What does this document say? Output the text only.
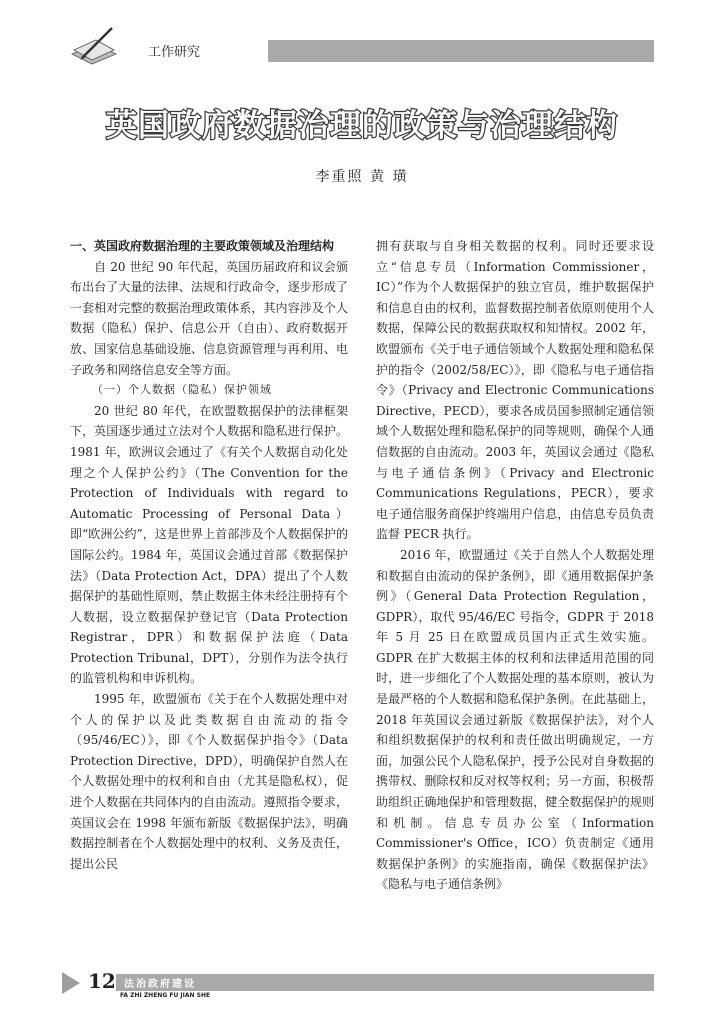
工作研究
英国政府数据治理的政策与治理结构
李重照 黄 璜

一、英国政府数据治理的主要政策领域及治理结构

自 20 世纪 90 年代起，英国历届政府和议会颁布出台了大量的法律、法规和行政命令，逐步形成了一套相对完整的数据治理政策体系，其内容涉及个人数据（隐私）保护、信息公开（自由）、政府数据开放、国家信息基础设施、信息资源管理与再利用、电子政务和网络信息安全等方面。

（一）个人数据（隐私）保护领域

20 世纪 80 年代，在欧盟数据保护的法律框架下，英国逐步通过立法对个人数据和隐私进行保护。1981 年，欧洲议会通过了《有关个人数据自动化处理之个人保护公约》（The Convention for the Protection of Individuals with regard to Automatic Processing of Personal Data）即“欧洲公约”，这是世界上首部涉及个人数据保护的国际公约。1984 年，英国议会通过首部《数据保护法》（Data Protection Act，DPA）提出了个人数据保护的基础性原则，禁止数据主体未经注册持有个人数据，设立数据保护登记官（Data Protection Registrar，DPR）和数据保护法庭（Data Protection Tribunal，DPT），分别作为法令执行的监管机构和申诉机构。

1995 年，欧盟颁布《关于在个人数据处理中对个人的保护以及此类数据自由流动的指令（95/46/EC）》，即《个人数据保护指令》（Data Protection Directive，DPD），明确保护自然人在个人数据处理中的权利和自由（尤其是隐私权），促进个人数据在共同体内的自由流动。遵照指令要求，英国议会在 1998 年颁布新版《数据保护法》，明确数据控制者在个人数据处理中的权利、义务及责任，提出公民

拥有获取与自身相关数据的权利。同时还要求设立“信息专员（Information Commissioner，IC）”作为个人数据保护的独立官员，维护数据保护和信息自由的权利，监督数据控制者依原则使用个人数据，保障公民的数据获取权和知情权。2002 年，欧盟颁布《关于电子通信领域个人数据处理和隐私保护的指令（2002/58/EC）》，即《隐私与电子通信指令》（Privacy and Electronic Communications Directive，PECD），要求各成员国参照制定通信领域个人数据处理和隐私保护的同等规则，确保个人通信数据的自由流动。2003 年，英国议会通过《隐私与电子通信条例》（Privacy and Electronic Communications Regulations，PECR），要求电子通信服务商保护终端用户信息，由信息专员负责监督 PECR 执行。

2016 年，欧盟通过《关于自然人个人数据处理和数据自由流动的保护条例》，即《通用数据保护条例》（General Data Protection Regulation，GDPR），取代 95/46/EC 号指令，GDPR 于 2018 年 5 月 25 日在欧盟成员国内正式生效实施。GDPR 在扩大数据主体的权利和法律适用范围的同时，进一步细化了个人数据处理的基本原则，被认为是最严格的个人数据和隐私保护条例。在此基础上，2018 年英国议会通过新版《数据保护法》，对个人和组织数据保护的权利和责任做出明确规定，一方面，加强公民个人隐私保护，授予公民对自身数据的携带权、删除权和反对权等权利；另一方面，积极帮助组织正确地保护和管理数据，健全数据保护的规则和机制。信息专员办公室（Information Commissioner's Office，ICO）负责制定《通用数据保护条例》的实施指南，确保《数据保护法》《隐私与电子通信条例》

12 法治政府建设
FA ZHI ZHENG FU JIAN SHE
